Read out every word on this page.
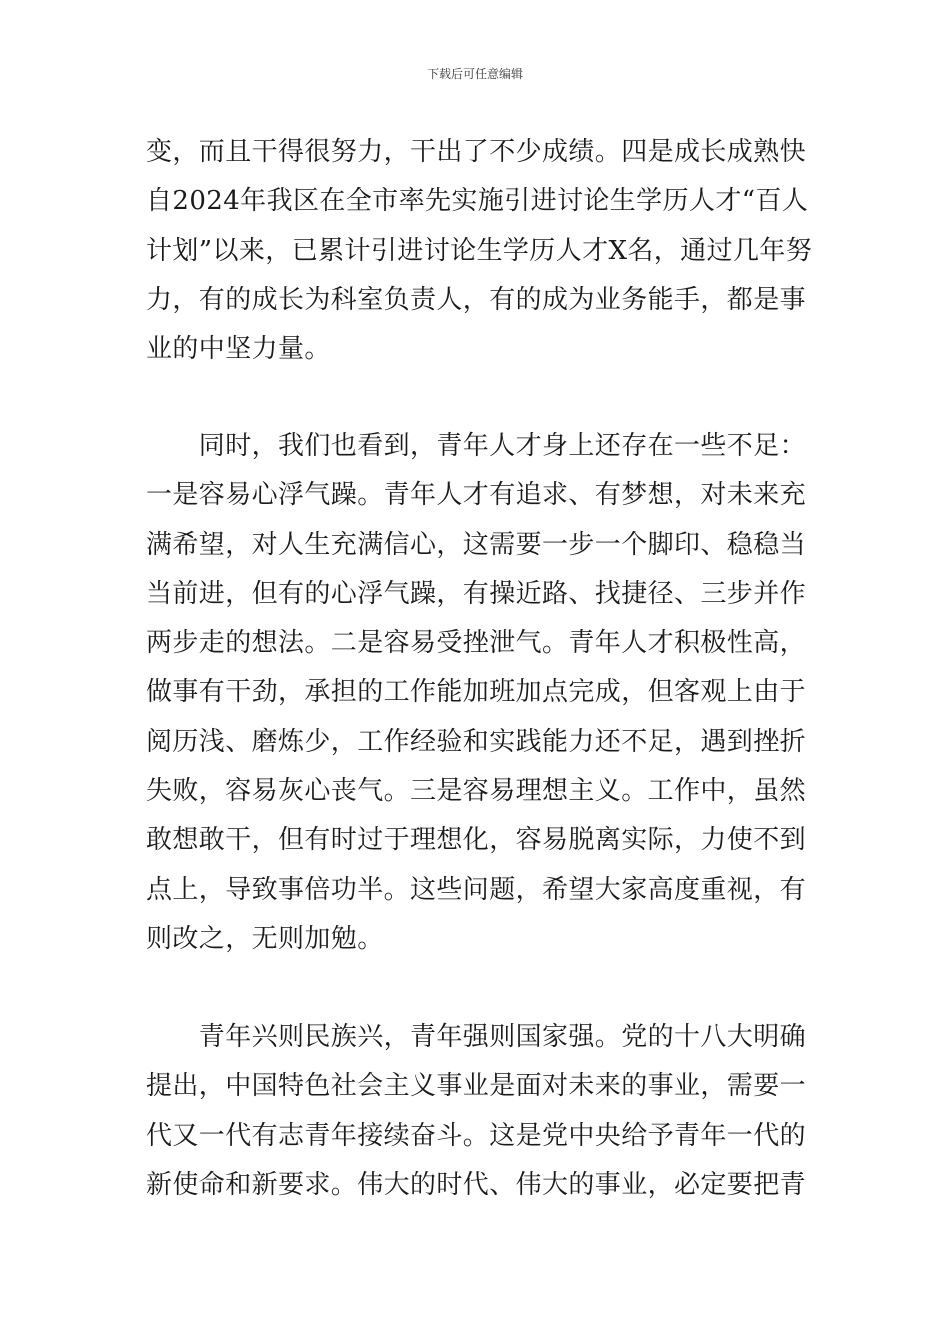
下载后可任意编辑
变，而且干得很努力，干出了不少成绩。四是成长成熟快
自2024年我区在全市率先实施引进讨论生学历人才“百人
计划”以来，已累计引进讨论生学历人才X名，通过几年努
力，有的成长为科室负责人，有的成为业务能手，都是事
业的中坚力量。
　　同时，我们也看到，青年人才身上还存在一些不足：
一是容易心浮气躁。青年人才有追求、有梦想，对未来充
满希望，对人生充满信心，这需要一步一个脚印、稳稳当
当前进，但有的心浮气躁，有操近路、找捷径、三步并作
两步走的想法。二是容易受挫泄气。青年人才积极性高，
做事有干劲，承担的工作能加班加点完成，但客观上由于
阅历浅、磨炼少，工作经验和实践能力还不足，遇到挫折
失败，容易灰心丧气。三是容易理想主义。工作中，虽然
敢想敢干，但有时过于理想化，容易脱离实际，力使不到
点上，导致事倍功半。这些问题，希望大家高度重视，有
则改之，无则加勉。
　　青年兴则民族兴，青年强则国家强。党的十八大明确
提出，中国特色社会主义事业是面对未来的事业，需要一
代又一代有志青年接续奋斗。这是党中央给予青年一代的
新使命和新要求。伟大的时代、伟大的事业，必定要把青
